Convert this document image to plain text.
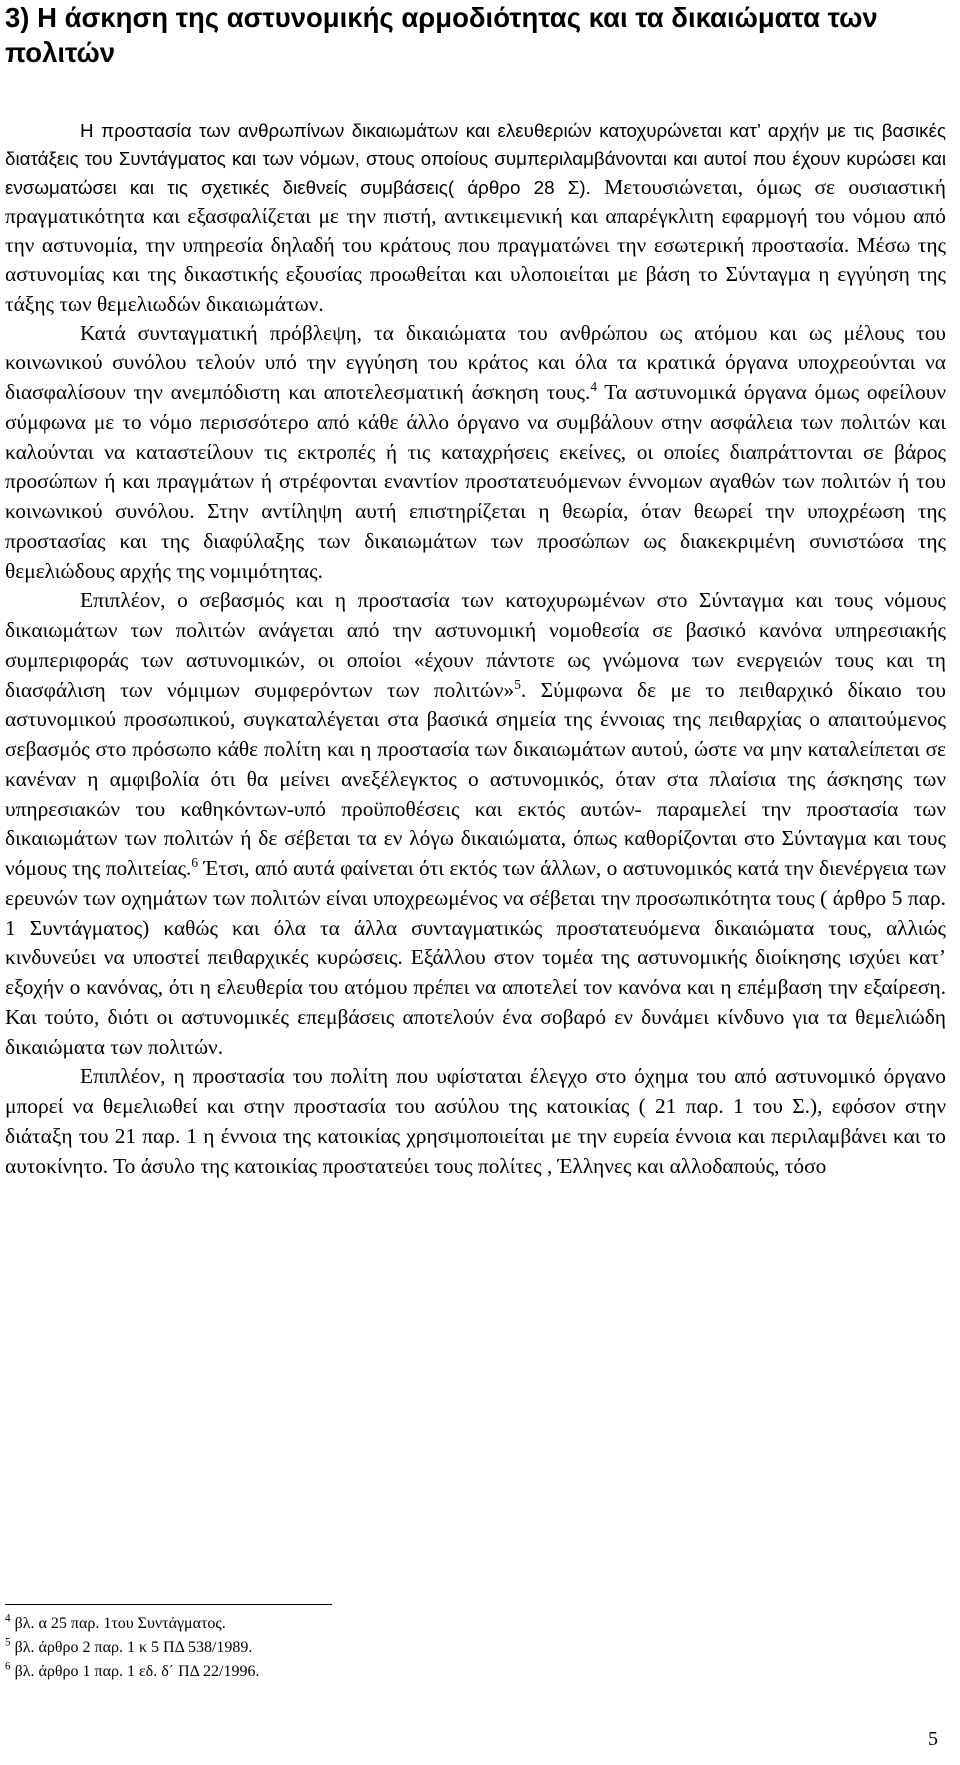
3) Η άσκηση της αστυνομικής αρμοδιότητας και τα δικαιώματα των πολιτών

Η προστασία των ανθρωπίνων δικαιωμάτων και ελευθεριών κατοχυρώνεται κατ’ αρχήν με τις βασικές διατάξεις του Συντάγματος και των νόμων, στους οποίους συμπεριλαμβάνονται και αυτοί που έχουν κυρώσει και ενσωματώσει και τις σχετικές διεθνείς συμβάσεις( άρθρο 28 Σ). Μετουσιώνεται, όμως σε ουσιαστική πραγματικότητα και εξασφαλίζεται με την πιστή, αντικειμενική και απαρέγκλιτη εφαρμογή του νόμου από την αστυνομία, την υπηρεσία δηλαδή του κράτους που πραγματώνει την εσωτερική προστασία. Μέσω της αστυνομίας και της δικαστικής εξουσίας προωθείται και υλοποιείται με βάση το Σύνταγμα η εγγύηση της τάξης των θεμελιωδών δικαιωμάτων.

Κατά συνταγματική πρόβλεψη, τα δικαιώματα του ανθρώπου ως ατόμου και ως μέλους του κοινωνικού συνόλου τελούν υπό την εγγύηση του κράτος και όλα τα κρατικά όργανα υποχρεούνται να διασφαλίσουν την ανεμπόδιστη και αποτελεσματική άσκηση τους.$^4$ Τα αστυνομικά όργανα όμως οφείλουν σύμφωνα με το νόμο περισσότερο από κάθε άλλο όργανο να συμβάλουν στην ασφάλεια των πολιτών και καλούνται να καταστείλουν τις εκτροπές ή τις καταχρήσεις εκείνες, οι οποίες διαπράττονται σε βάρος προσώπων ή και πραγμάτων ή στρέφονται εναντίον προστατευόμενων έννομων αγαθών των πολιτών ή του κοινωνικού συνόλου. Στην αντίληψη αυτή επιστηρίζεται η θεωρία, όταν θεωρεί την υποχρέωση της προστασίας και της διαφύλαξης των δικαιωμάτων των προσώπων ως διακεκριμένη συνιστώσα της θεμελιώδους αρχής της νομιμότητας.

Επιπλέον, ο σεβασμός και η προστασία των κατοχυρωμένων στο Σύνταγμα και τους νόμους δικαιωμάτων των πολιτών ανάγεται από την αστυνομική νομοθεσία σε βασικό κανόνα υπηρεσιακής συμπεριφοράς των αστυνομικών, οι οποίοι «έχουν πάντοτε ως γνώμονα των ενεργειών τους και τη διασφάλιση των νόμιμων συμφερόντων των πολιτών»$^5$. Σύμφωνα δε με το πειθαρχικό δίκαιο του αστυνομικού προσωπικού, συγκαταλέγεται στα βασικά σημεία της έννοιας της πειθαρχίας ο απαιτούμενος σεβασμός στο πρόσωπο κάθε πολίτη και η προστασία των δικαιωμάτων αυτού, ώστε να μην καταλείπεται σε κανέναν η αμφιβολία ότι θα μείνει ανεξέλεγκτος ο αστυνομικός, όταν στα πλαίσια της άσκησης των υπηρεσιακών του καθηκόντων-υπό προϋποθέσεις και εκτός αυτών- παραμελεί την προστασία των δικαιωμάτων των πολιτών ή δε σέβεται τα εν λόγω δικαιώματα, όπως καθορίζονται στο Σύνταγμα και τους νόμους της πολιτείας.$^6$ Έτσι, από αυτά φαίνεται ότι εκτός των άλλων, ο αστυνομικός κατά την διενέργεια των ερευνών των οχημάτων των πολιτών είναι υποχρεωμένος να σέβεται την προσωπικότητα τους ( άρθρο 5 παρ. 1 Συντάγματος) καθώς και όλα τα άλλα συνταγματικώς προστατευόμενα δικαιώματα τους, αλλιώς κινδυνεύει να υποστεί πειθαρχικές κυρώσεις. Εξάλλου στον τομέα της αστυνομικής διοίκησης ισχύει κατ’ εξοχήν ο κανόνας, ότι η ελευθερία του ατόμου πρέπει να αποτελεί τον κανόνα και η επέμβαση την εξαίρεση. Και τούτο, διότι οι αστυνομικές επεμβάσεις αποτελούν ένα σοβαρό εν δυνάμει κίνδυνο για τα θεμελιώδη δικαιώματα των πολιτών.

Επιπλέον, η προστασία του πολίτη που υφίσταται έλεγχο στο όχημα του από αστυνομικό όργανο μπορεί να θεμελιωθεί και στην προστασία του ασύλου της κατοικίας ( 21 παρ. 1 του Σ.), εφόσον στην διάταξη του 21 παρ. 1 η έννοια της κατοικίας χρησιμοποιείται με την ευρεία έννοια και περιλαμβάνει και το αυτοκίνητο. Το άσυλο της κατοικίας προστατεύει τους πολίτες , Έλληνες και αλλοδαπούς, τόσο

$^4$ βλ. α 25 παρ. 1του Συντάγματος.

$^5$ βλ. άρθρο 2 παρ. 1 κ 5 ΠΔ 538/1989.

$^6$ βλ. άρθρο 1 παρ. 1 εδ. δ΄ ΠΔ 22/1996.

5
